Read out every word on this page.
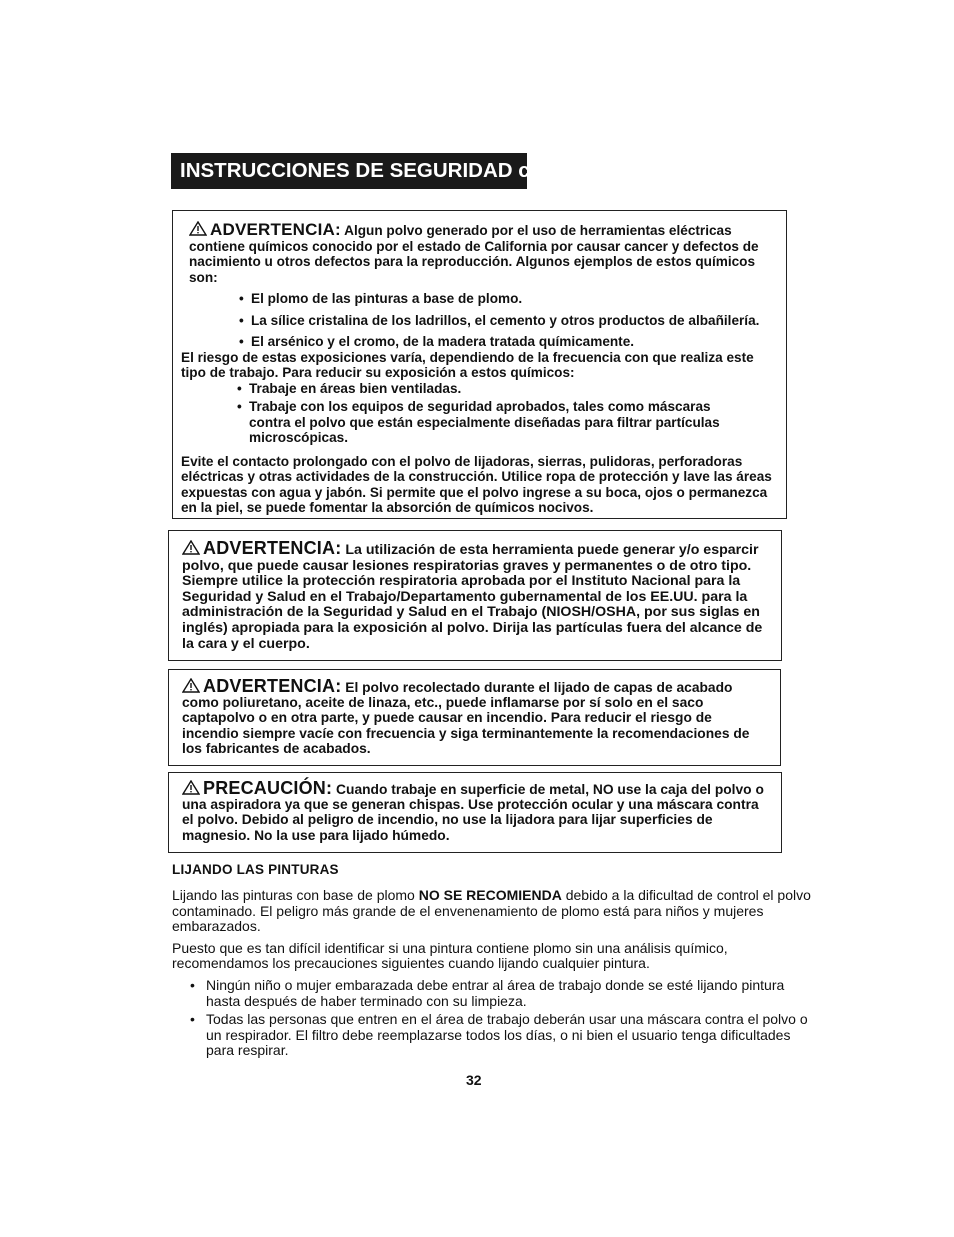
INSTRUCCIONES DE SEGURIDAD cont.

ADVERTENCIA: Algun polvo generado por el uso de herramientas eléctricas contiene químicos conocido por el estado de California por causar cancer y defectos de nacimiento u otros defectos para la reproducción. Algunos ejemplos de estos químicos son:

• El plomo de las pinturas a base de plomo.
• La sílice cristalina de los ladrillos, el cemento y otros productos de albañilería.
• El arsénico y el cromo, de la madera tratada químicamente.

El riesgo de estas exposiciones varía, dependiendo de la frecuencia con que realiza este tipo de trabajo. Para reducir su exposición a estos químicos:

• Trabaje en áreas bien ventiladas.
• Trabaje con los equipos de seguridad aprobados, tales como máscaras contra el polvo que están especialmente diseñadas para filtrar partículas microscópicas.

Evite el contacto prolongado con el polvo de lijadoras, sierras, pulidoras, perforadoras eléctricas y otras actividades de la construcción. Utilice ropa de protección y lave las áreas expuestas con agua y jabón. Si permite que el polvo ingrese a su boca, ojos o permanezca en la piel, se puede fomentar la absorción de químicos nocivos.

ADVERTENCIA: La utilización de esta herramienta puede generar y/o esparcir polvo, que puede causar lesiones respiratorias graves y permanentes o de otro tipo. Siempre utilice la protección respiratoria aprobada por el Instituto Nacional para la Seguridad y Salud en el Trabajo/Departamento gubernamental de los EE.UU. para la administración de la Seguridad y Salud en el Trabajo (NIOSH/OSHA, por sus siglas en inglés) apropiada para la exposición al polvo. Dirija las partículas fuera del alcance de la cara y el cuerpo.

ADVERTENCIA: El polvo recolectado durante el lijado de capas de acabado como poliuretano, aceite de linaza, etc., puede inflamarse por sí solo en el saco captapolvo o en otra parte, y puede causar en incendio. Para reducir el riesgo de incendio siempre vacíe con frecuencia y siga terminantemente la recomendaciones de los fabricantes de acabados.

PRECAUCIÓN: Cuando trabaje en superficie de metal, NO use la caja del polvo o una aspiradora ya que se generan chispas. Use protección ocular y una máscara contra el polvo. Debido al peligro de incendio, no use la lijadora para lijar superficies de magnesio. No la use para lijado húmedo.

LIJANDO LAS PINTURAS

Lijando las pinturas con base de plomo NO SE RECOMIENDA debido a la dificultad de control el polvo contaminado. El peligro más grande de el envenenamiento de plomo está para niños y mujeres embarazados.

Puesto que es tan difícil identificar si una pintura contiene plomo sin una análisis químico, recomendamos los precauciones siguientes cuando lijando cualquier pintura.

• Ningún niño o mujer embarazada debe entrar al área de trabajo donde se esté lijando pintura hasta después de haber terminado con su limpieza.
• Todas las personas que entren en el área de trabajo deberán usar una máscara contra el polvo o un respirador. El filtro debe reemplazarse todos los días, o ni bien el usuario tenga dificultades para respirar.
32
